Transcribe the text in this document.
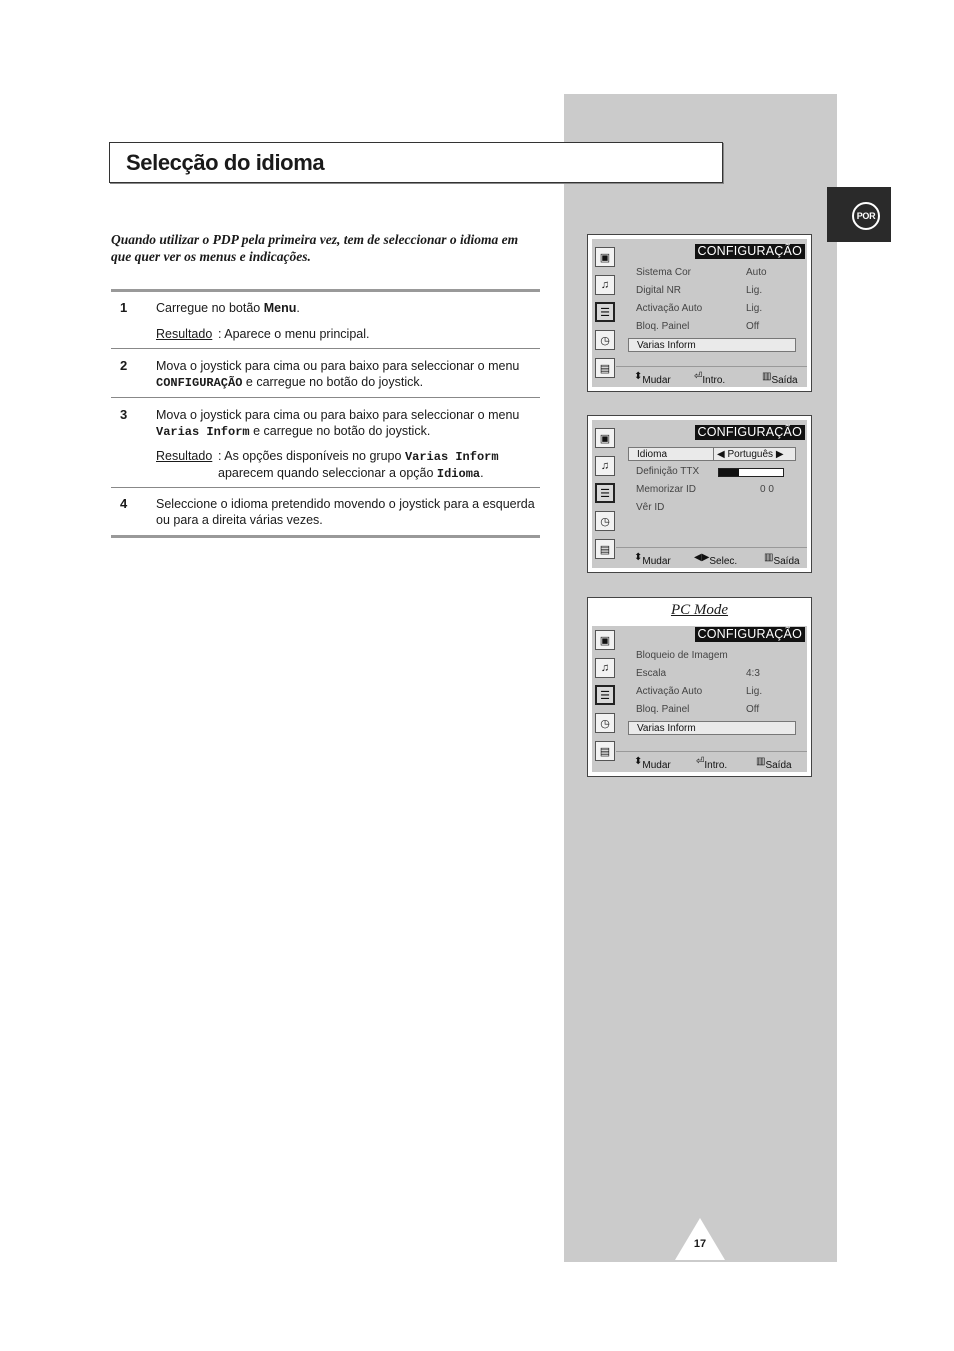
POR
Selecção do idioma
Quando utilizar o PDP pela primeira vez, tem de seleccionar o idioma em que quer ver os menus e indicações.
1 Carregue no botão Menu.
Resultado : Aparece o menu principal.
2 Mova o joystick para cima ou para baixo para seleccionar o menu CONFIGURAÇÃO e carregue no botão do joystick.
3 Mova o joystick para cima ou para baixo para seleccionar o menu Varias Inform e carregue no botão do joystick.
Resultado : As opções disponíveis no grupo Varias Inform aparecem quando seleccionar a opção Idioma.
4 Seleccione o idioma pretendido movendo o joystick para a esquerda ou para a direita várias vezes.
▣
♫
☰
◷
▤
CONFIGURAÇÃO
Sistema Cor	Auto
Digital NR	Lig.
Activação Auto	Lig.
Bloq. Painel	Off
Varias Inform
⬍ Mudar ⏎ Intro.	▥ Saída
▣
♫
☰
◷
▤
CONFIGURAÇÃO
Idioma	◀ Português ▶
Definição TTX
Memorizar ID	0 0
Vêr ID
⬍ Mudar ◀▶ Selec.	▥ Saída
PC Mode
▣
♫
☰
◷
▤
CONFIGURAÇÃO
Bloqueio de Imagem
Escala	4:3
Activação Auto	Lig.
Bloq. Painel	Off
Varias Inform
⬍ Mudar	⏎ Intro.	▥ Saída
17
